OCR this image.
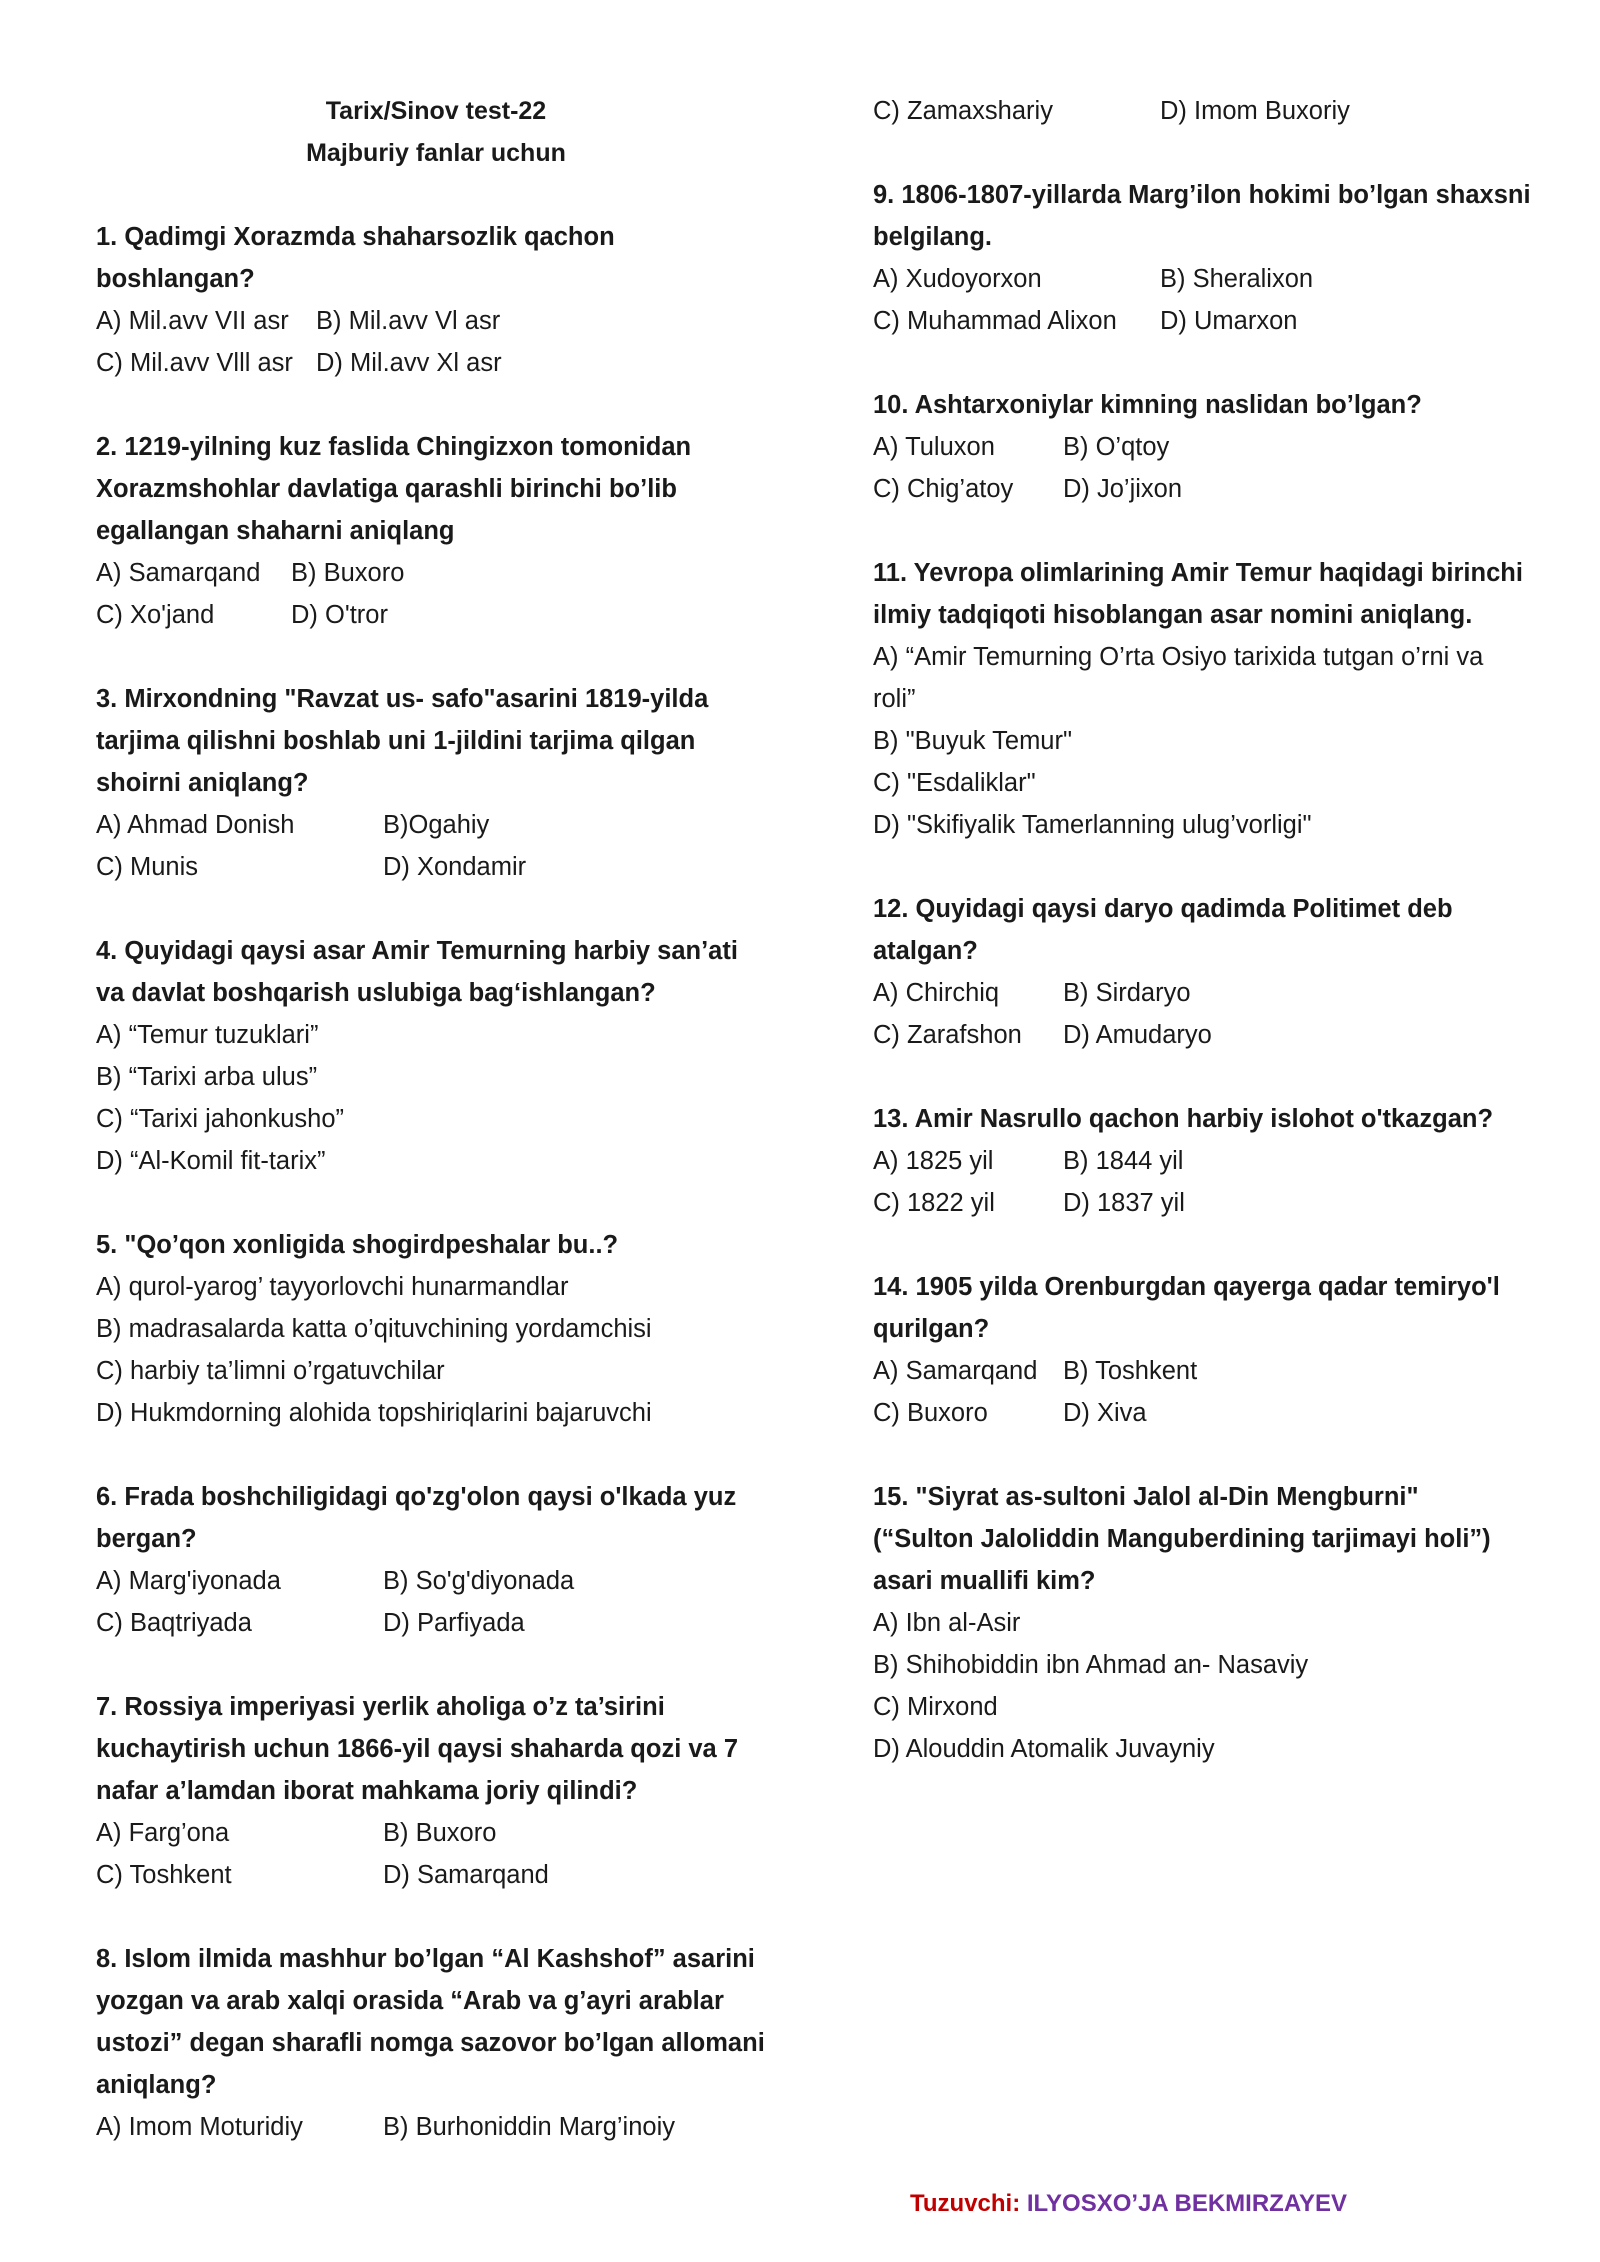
Tarix/Sinov test-22

Majburiy fanlar uchun

1. Qadimgi Xorazmda shaharsozlik qachon

boshlangan?

A) Mil.avv VII asr	B) Mil.avv Vl asr
C) Mil.avv Vlll asr D) Mil.avv Xl asr

2. 1219-yilning kuz faslida Chingizxon tomonidan

Xorazmshohlar davlatiga qarashli birinchi bo’lib

egallangan shaharni aniqlang

A) Samarqand	B) Buxoro
C) Xo'jand	D) O'tror

3. Mirxondning "Ravzat us- safo"asarini 1819-yilda

tarjima qilishni boshlab uni 1-jildini tarjima qilgan

shoirni aniqlang?

A) Ahmad Donish	B)Ogahiy
C) Munis	D) Xondamir

4. Quyidagi qaysi asar Amir Temurning harbiy san’ati

va davlat boshqarish uslubiga bag‘ishlangan?

A) “Temur tuzuklari”
B) “Tarixi arba ulus”
C) “Tarixi jahonkusho”
D) “Al-Komil fit-tarix”

5. "Qo’qon xonligida shogirdpeshalar bu..?

A) qurol-yarog’ tayyorlovchi hunarmandlar
B) madrasalarda katta o’qituvchining yordamchisi
C) harbiy ta’limni o’rgatuvchilar
D) Hukmdorning alohida topshiriqlarini bajaruvchi

6. Frada boshchiligidagi qo'zg'olon qaysi o'lkada yuz

bergan?

A) Marg'iyonada	B) So'g'diyonada
C) Baqtriyada	D) Parfiyada

7. Rossiya imperiyasi yerlik aholiga o’z ta’sirini

kuchaytirish uchun 1866-yil qaysi shaharda qozi va 7

nafar a’lamdan iborat mahkama joriy qilindi?

A) Farg’ona	B) Buxoro
C) Toshkent	D) Samarqand

8. Islom ilmida mashhur bo’lgan “Al Kashshof” asarini

yozgan va arab xalqi orasida “Arab va g’ayri arablar

ustozi” degan sharafli nomga sazovor bo’lgan allomani

aniqlang?

A) Imom Moturidiy	B) Burhoniddin Marg’inoiy
C) Zamaxshariy	D) Imom Buxoriy

9. 1806-1807-yillarda Marg’ilon hokimi bo’lgan shaxsni

belgilang.

A) Xudoyorxon	B) Sheralixon
C) Muhammad Alixon	D) Umarxon

10. Ashtarxoniylar kimning naslidan bo’lgan?

A) Tuluxon	B) O’qtoy
C) Chig’atoy	D) Jo’jixon

11. Yevropa olimlarining Amir Temur haqidagi birinchi

ilmiy tadqiqoti hisoblangan asar nomini aniqlang.

A) “Amir Temurning O’rta Osiyo tarixida tutgan o’rni va
roli”
B) "Buyuk Temur"
C) "Esdaliklar"
D) "Skifiyalik Tamerlanning ulug’vorligi"

12. Quyidagi qaysi daryo qadimda Politimet deb

atalgan?

A) Chirchiq	B) Sirdaryo
C) Zarafshon	D) Amudaryo

13. Amir Nasrullo qachon harbiy islohot o'tkazgan?

A) 1825 yil	B) 1844 yil
C) 1822 yil	D) 1837 yil

14. 1905 yilda Orenburgdan qayerga qadar temiryo'l

qurilgan?

A) Samarqand	B) Toshkent
C) Buxoro	D) Xiva

15. "Siyrat as-sultoni Jalol al-Din Mengburni"

(“Sulton Jaloliddin Manguberdining tarjimayi holi”)

asari muallifi kim?

A) Ibn al-Asir
B) Shihobiddin ibn Ahmad an- Nasaviy
C) Mirxond
D) Alouddin Atomalik Juvayniy
Tuzuvchi: ILYOSXO’JA BEKMIRZAYEV
